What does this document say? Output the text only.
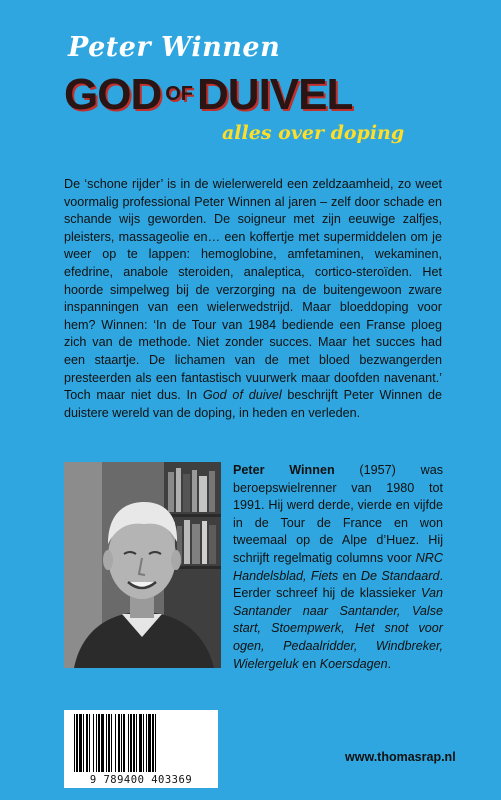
Peter Winnen
GOD OFDUIVEL
alles over doping

De ‘schone rijder’ is in de wielerwereld een zeldzaamheid, zo weet voormalig professional Peter Winnen al jaren – zelf door schade en schande wijs geworden. De soigneur met zijn eeuwige zalfjes, pleisters, massageolie en… een koffertje met supermiddelen om je weer op te lappen: hemoglobine, amfetaminen, wekaminen, efedrine, anabole steroiden, analeptica, cortico-steroïden. Het hoorde simpelweg bij de verzorging na de buitengewoon zware inspanningen van een wielerwedstrijd. Maar bloeddoping voor hem? Winnen: ‘In de Tour van 1984 bediende een Franse ploeg zich van de methode. Niet zonder succes. Maar het succes had een staartje. De lichamen van de met bloed bezwangerden presteerden als een fantastisch vuurwerk maar doofden navenant.’ Toch maar niet dus. In God of duivel beschrijft Peter Winnen de duistere wereld van de doping, in heden en verleden.

Peter Winnen (1957) was beroepswielrenner van 1980 tot 1991. Hij werd derde, vierde en vijfde in de Tour de France en won tweemaal op de Alpe d’Huez. Hij schrijft regelmatig columns voor NRC Handelsblad, Fiets en De Standaard. Eerder schreef hij de klassieker Van Santander naar Santander, Valse start, Stoempwerk, Het snot voor ogen, Pedaalridder, Windbreker, Wielergeluk en Koersdagen.

9 789400 403369
www.thomasrap.nl
